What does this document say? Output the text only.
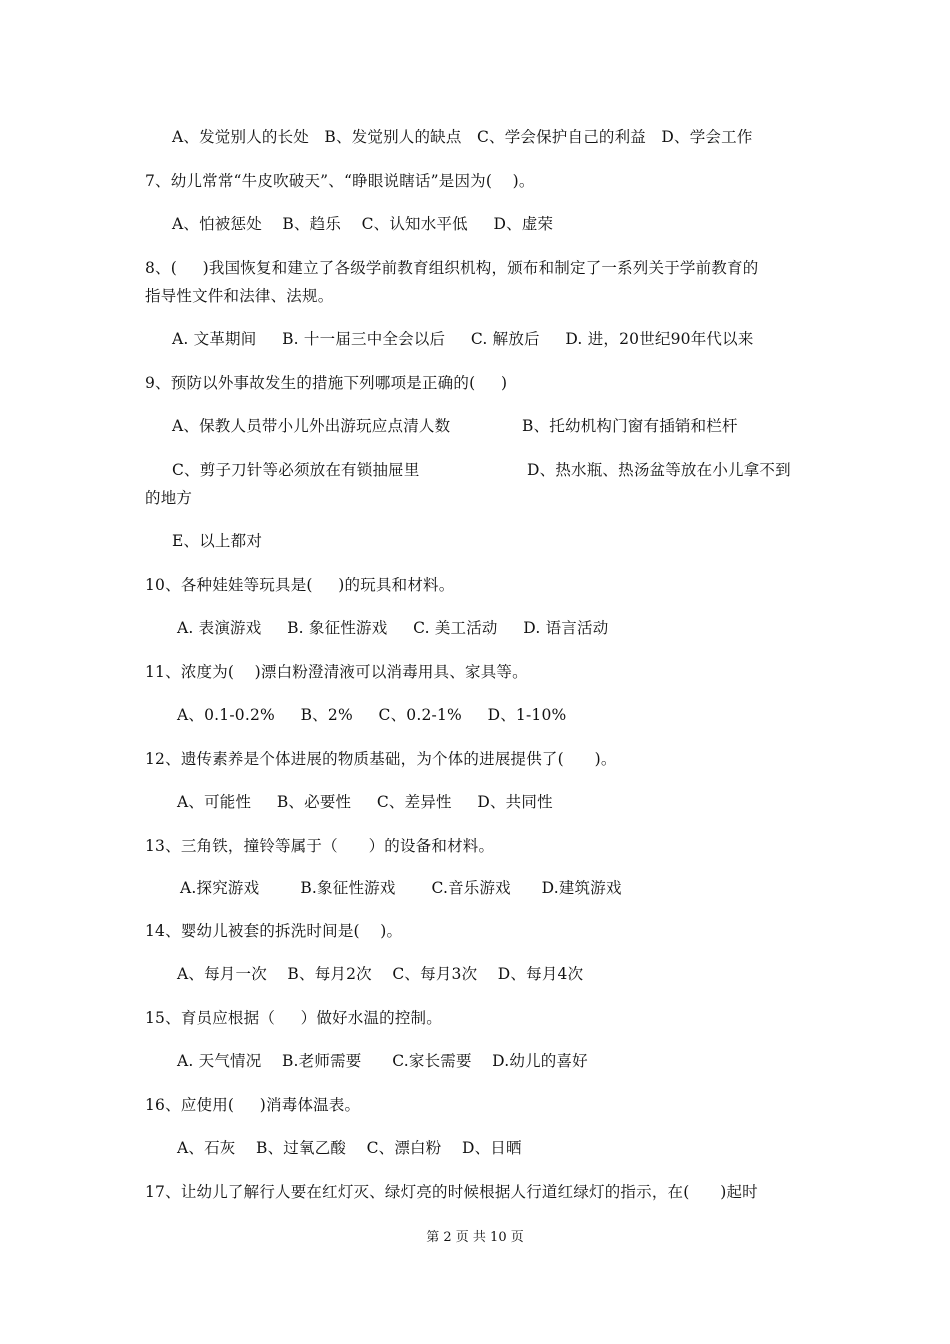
A、发觉别人的长处   B、发觉别人的缺点   C、学会保护自己的利益   D、学会工作
7、幼儿常常“牛皮吹破天”、“睁眼说瞎话”是因为(    )。
A、怕被惩处    B、趋乐    C、认知水平低     D、虚荣
8、(     )我国恢复和建立了各级学前教育组织机构，颁布和制定了一系列关于学前教育的
指导性文件和法律、法规。
A. 文革期间     B. 十一届三中全会以后     C. 解放后     D. 进，20世纪90年代以来
9、预防以外事故发生的措施下列哪项是正确的(     )
A、保教人员带小儿外出游玩应点清人数	B、托幼机构门窗有插销和栏杆
C、剪子刀针等必须放在有锁抽屉里	D、热水瓶、热汤盆等放在小儿拿不到
的地方
E、以上都对
10、各种娃娃等玩具是(     )的玩具和材料。
A. 表演游戏     B. 象征性游戏     C. 美工活动     D. 语言活动
11、浓度为(    )漂白粉澄清液可以消毒用具、家具等。
A、0.1-0.2%     B、2%     C、0.2-1%     D、1-10%
12、遗传素养是个体进展的物质基础，为个体的进展提供了(      )。
A、可能性     B、必要性     C、差异性     D、共同性
13、三角铁，撞铃等属于（      ）的设备和材料。
A.探究游戏        B.象征性游戏       C.音乐游戏      D.建筑游戏
14、婴幼儿被套的拆洗时间是(    )。
A、每月一次    B、每月2次    C、每月3次    D、每月4次
15、育员应根据（     ）做好水温的控制。
A. 天气情况    B.老师需要      C.家长需要    D.幼儿的喜好
16、应使用(     )消毒体温表。
A、石灰    B、过氧乙酸    C、漂白粉    D、日晒
17、让幼儿了解行人要在红灯灭、绿灯亮的时候根据人行道红绿灯的指示，在(      )起时
第 2 页 共 10 页
